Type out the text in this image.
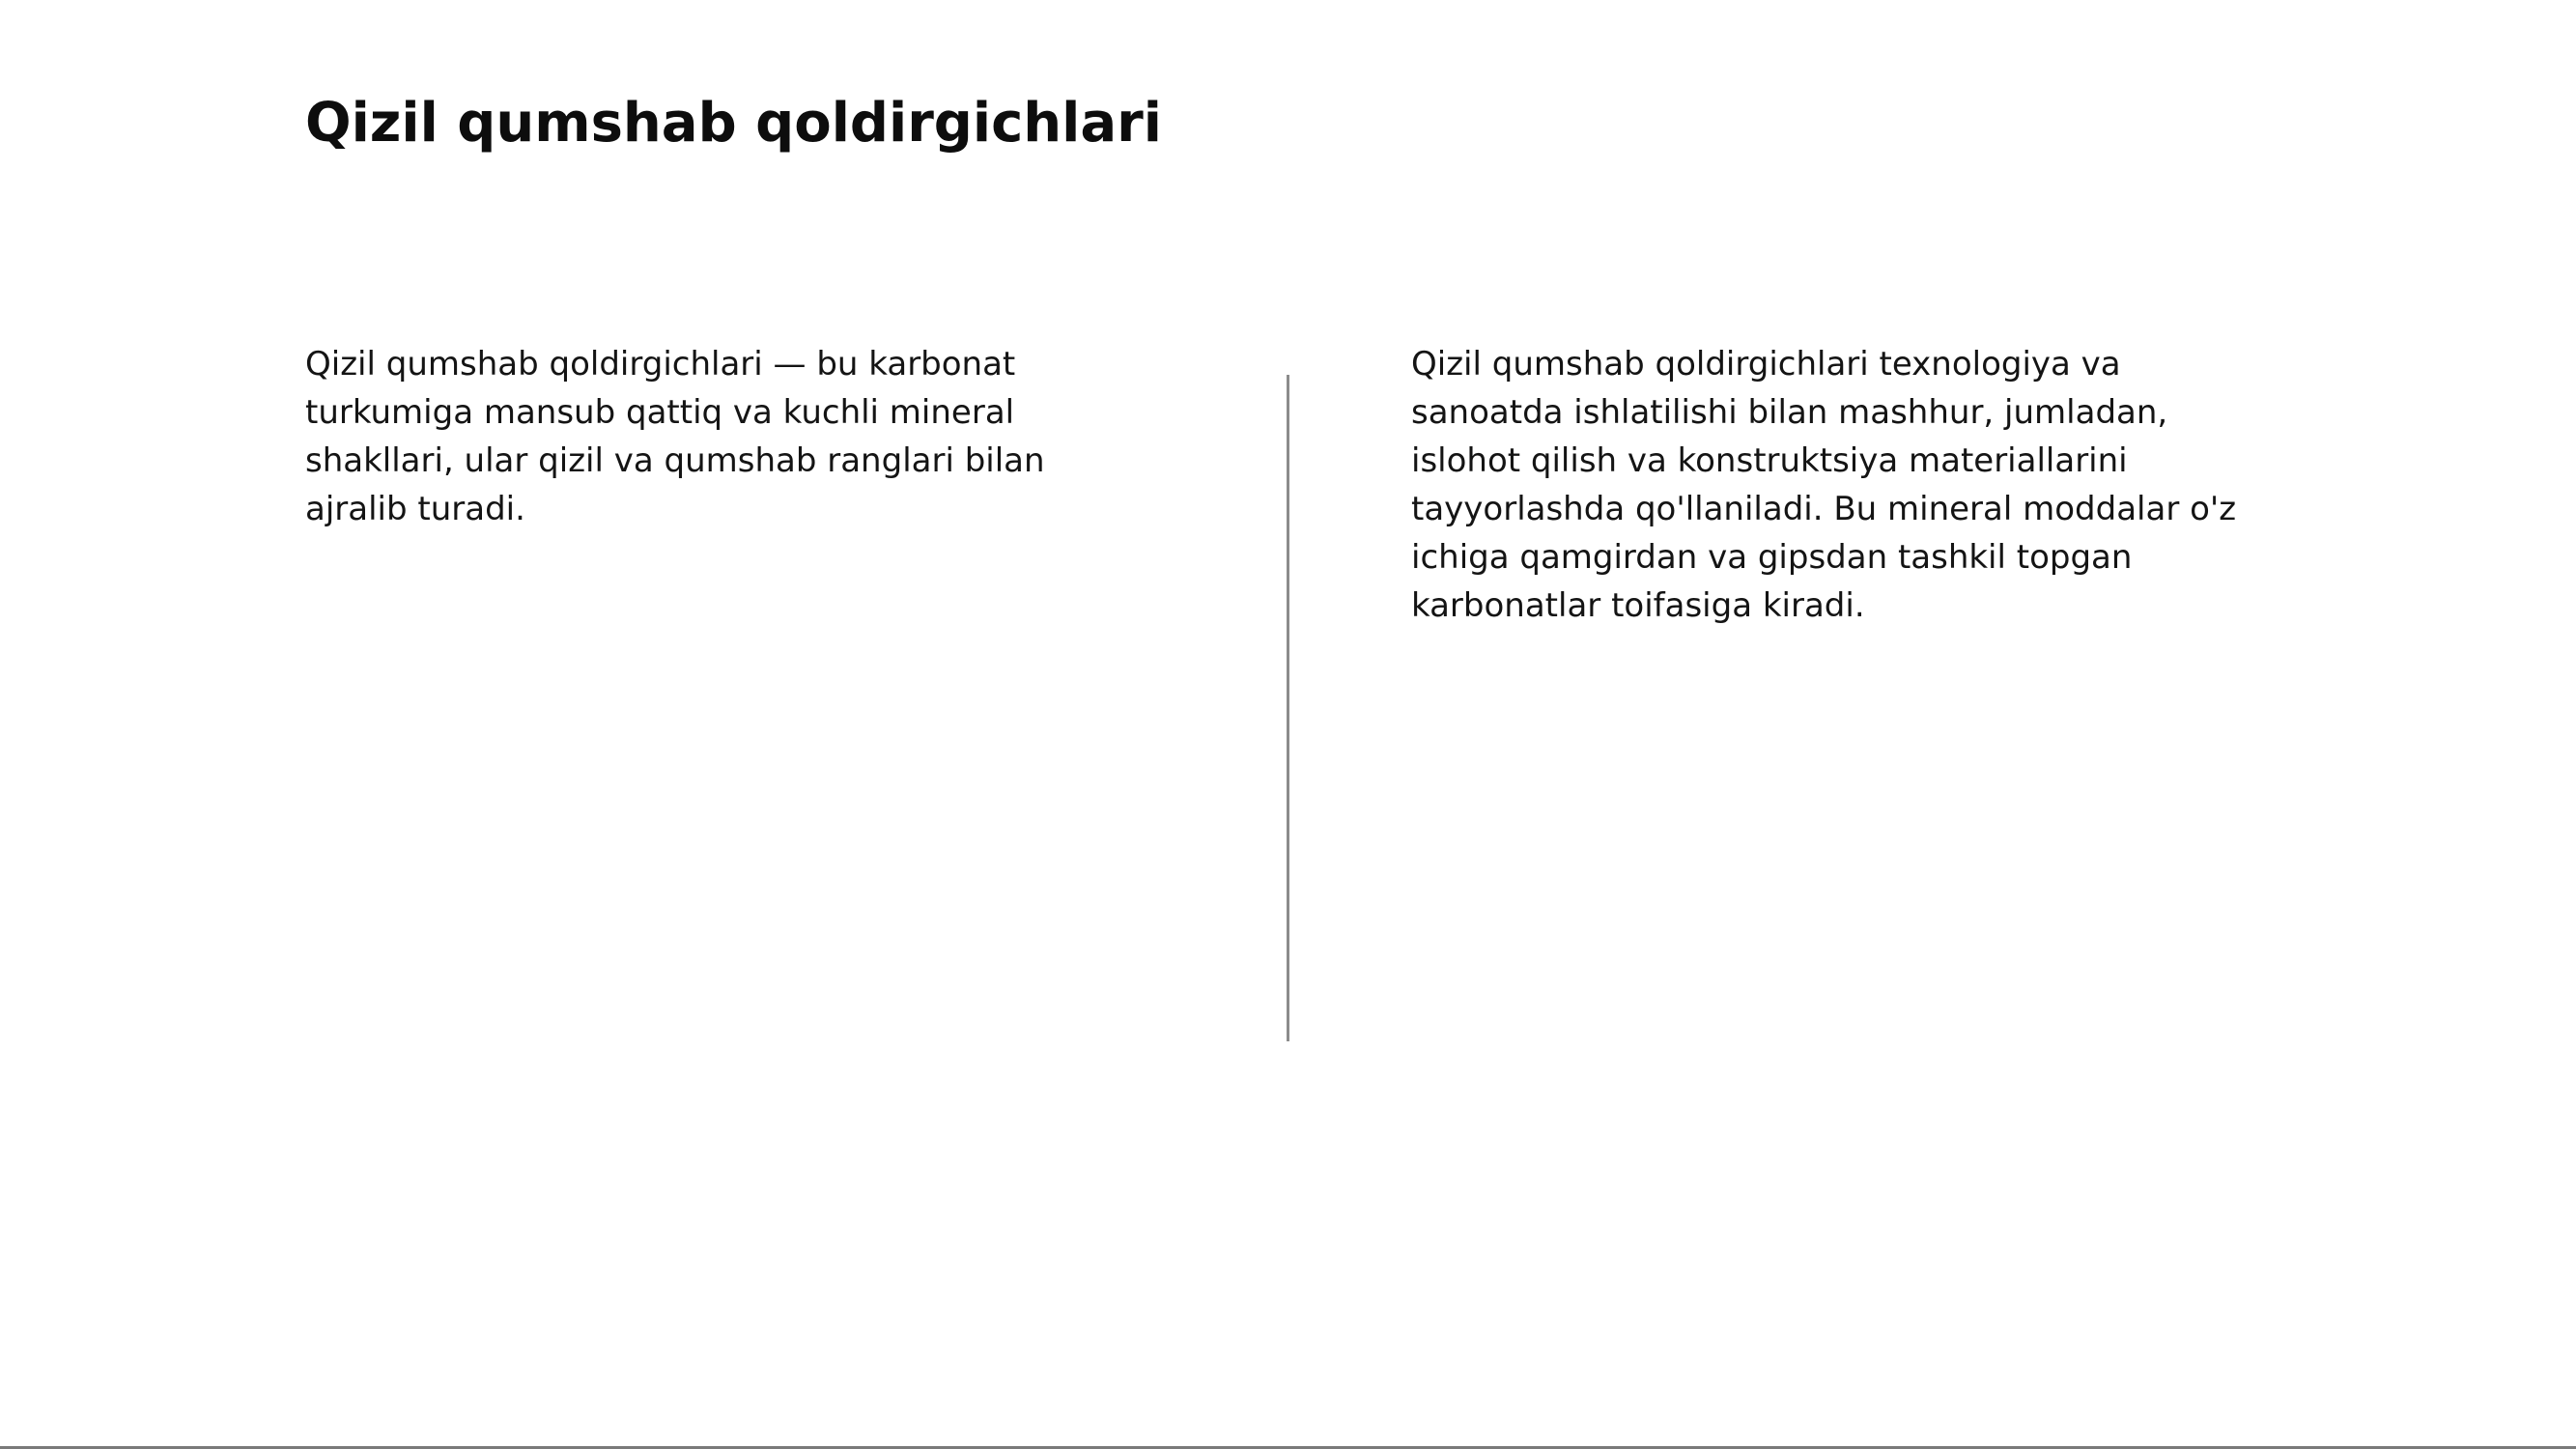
Qizil qumshab qoldirgichlari

Qizil qumshab qoldirgichlari — bu karbonat turkumiga mansub qattiq va kuchli mineral shakllari, ular qizil va qumshab ranglari bilan ajralib turadi.

Qizil qumshab qoldirgichlari texnologiya va sanoatda ishlatilishi bilan mashhur, jumladan, islohot qilish va konstruktsiya materiallarini tayyorlashda qo'llaniladi. Bu mineral moddalar o'z ichiga qamgirdan va gipsdan tashkil topgan karbonatlar toifasiga kiradi.
